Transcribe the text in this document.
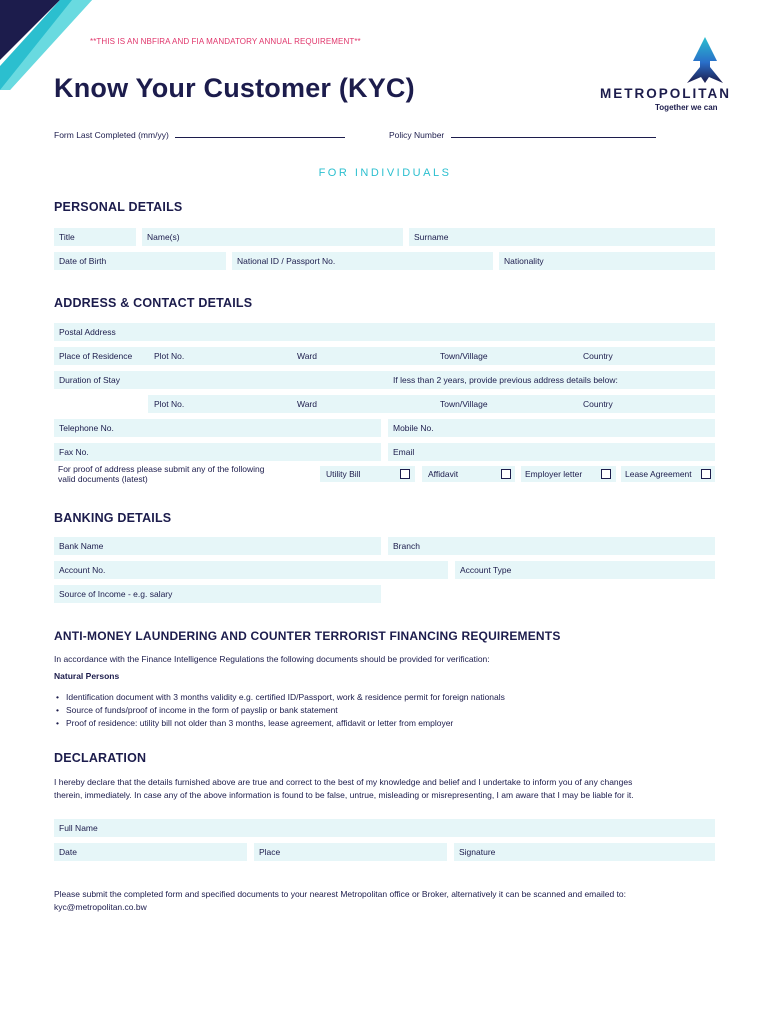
**THIS IS AN NBFIRA AND FIA MANDATORY ANNUAL REQUIREMENT**
Know Your Customer (KYC)	METROPOLITAN
Together we can
Form Last Completed (mm/yy)	Policy Number
FOR INDIVIDUALS
PERSONAL DETAILS
Title	Name(s)	Surname
Date of Birth	National ID / Passport No.	Nationality
ADDRESS & CONTACT DETAILS
Postal Address
Place of Residence	Plot No.	Ward	Town/Village	Country
Duration of Stay	If less than 2 years, provide previous address details below:
Plot No.	Ward	Town/Village	Country
Telephone No.	Mobile No.
Fax No.	Email
For proof of address please submit any of the following
valid documents (latest)	Utility Bill	Affidavit	Employer letter	Lease Agreement
BANKING DETAILS
Bank Name	Branch
Account No.	Account Type
Source of Income - e.g. salary
ANTI-MONEY LAUNDERING AND COUNTER TERRORIST FINANCING REQUIREMENTS
In accordance with the Finance Intelligence Regulations the following documents should be provided for verification:
Natural Persons
• Identification document with 3 months validity e.g. certified ID/Passport, work & residence permit for foreign nationals
• Source of funds/proof of income in the form of payslip or bank statement
• Proof of residence: utility bill not older than 3 months, lease agreement, affidavit or letter from employer
DECLARATION
I hereby declare that the details furnished above are true and correct to the best of my knowledge and belief and I undertake to inform you of any changes
therein, immediately. In case any of the above information is found to be false, untrue, misleading or misrepresenting, I am aware that I may be liable for it.
Full Name
Date	Place	Signature
Please submit the completed form and specified documents to your nearest Metropolitan office or Broker, alternatively it can be scanned and emailed to:
kyc@metropolitan.co.bw
